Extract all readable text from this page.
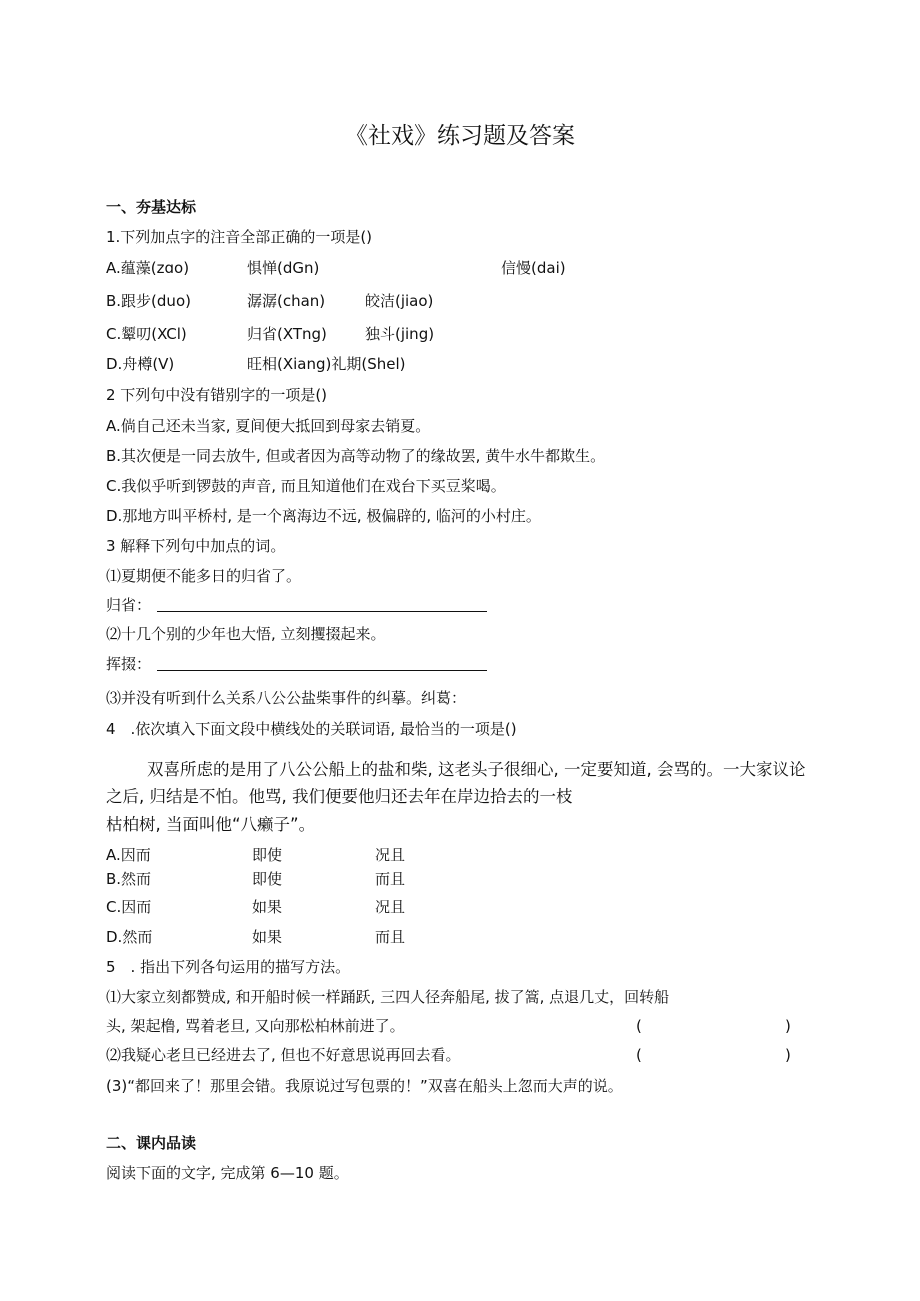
《社戏》练习题及答案
一、夯基达标
1.下列加点字的注音全部正确的一项是()
A.蕴藻(zɑo)	惧惮(dGn)	信慢(dai)
B.跟步(duo)	潺潺(chan)	皎洁(jiao)
C.颦叨(XCl)	归省(XTng)	独斗(jing)
D.舟樽(V)	旺相(Xiang)礼期(Shel)
2 下列句中没有错别字的一项是()
A.倘自己还未当家, 夏间便大抵回到母家去销夏。
B.其次便是一同去放牛, 但或者因为高等动物了的缘故罢, 黄牛水牛都欺生。
C.我似乎听到锣鼓的声音, 而且知道他们在戏台下买豆桨喝。
D.那地方叫平桥村, 是一个离海边不远, 极偏辟的, 临河的小村庄。
3 解释下列句中加点的词。
⑴夏期便不能多日的归省了。
归省：
⑵十几个别的少年也大悟, 立刻攫掇起来。
挥掇：
⑶并没有听到什么关系八公公盐柴事件的纠摹。纠葛：
4　.依次填入下面文段中横线处的关联词语, 最恰当的一项是()
双喜所虑的是用了八公公船上的盐和柴, 这老头子很细心, 一定要知道, 会骂的。一大家议论
之后, 归结是不怕。他骂, 我们便要他归还去年在岸边拾去的一枝
枯柏树, 当面叫他“八癞子”。
A.因而	即使	况且
B.然而	即使	而且
C.因而	如果	况且
D.然而	如果	而且
5　. 指出下列各句运用的描写方法。
⑴大家立刻都赞成, 和开船时候一样踊跃, 三四人径奔船尾, 拔了篙, 点退几丈，回转船
头, 架起橹, 骂着老旦, 又向那松柏林前进了。	(	)
⑵我疑心老旦已经进去了, 但也不好意思说再回去看。	(	)
(3)“都回来了！那里会错。我原说过写包票的！”双喜在船头上忽而大声的说。
二、课内品读
阅读下面的文字, 完成第 6—10 题。
